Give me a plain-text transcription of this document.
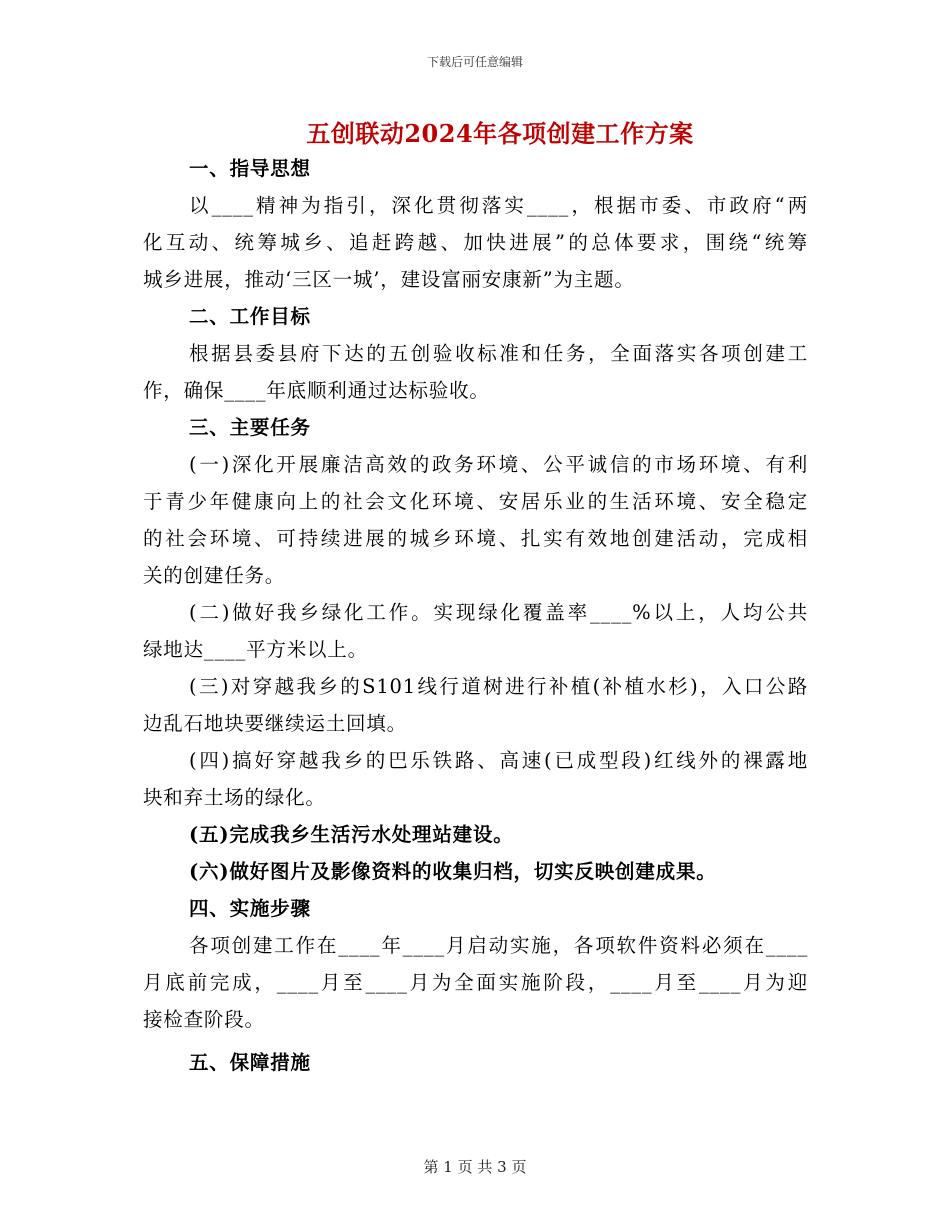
下载后可任意编辑
五创联动2024年各项创建工作方案
一、指导思想
以____精神为指引，深化贯彻落实____，根据市委、市政府“两
化互动、统筹城乡、追赶跨越、加快进展”的总体要求，围绕“统筹
城乡进展，推动‘三区一城’，建设富丽安康新”为主题。
二、工作目标
根据县委县府下达的五创验收标准和任务，全面落实各项创建工
作，确保____年底顺利通过达标验收。
三、主要任务
(一)深化开展廉洁高效的政务环境、公平诚信的市场环境、有利
于青少年健康向上的社会文化环境、安居乐业的生活环境、安全稳定
的社会环境、可持续进展的城乡环境、扎实有效地创建活动，完成相
关的创建任务。
(二)做好我乡绿化工作。实现绿化覆盖率____%以上，人均公共
绿地达____平方米以上。
(三)对穿越我乡的S101线行道树进行补植(补植水杉)，入口公路
边乱石地块要继续运土回填。
(四)搞好穿越我乡的巴乐铁路、高速(已成型段)红线外的裸露地
块和弃土场的绿化。
(五)完成我乡生活污水处理站建设。
(六)做好图片及影像资料的收集归档，切实反映创建成果。
四、实施步骤
各项创建工作在____年____月启动实施，各项软件资料必须在____
月底前完成，____月至____月为全面实施阶段，____月至____月为迎
接检查阶段。
五、保障措施
第 1 页 共 3 页
